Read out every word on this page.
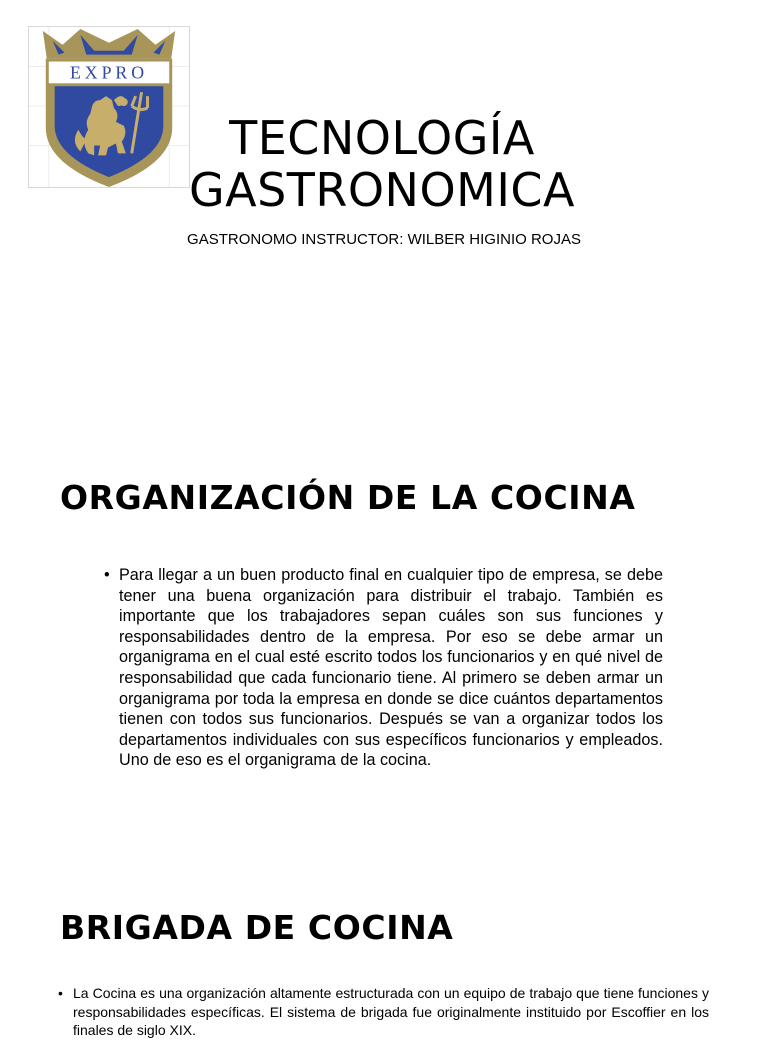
EXPRO
TECNOLOGÍA
GASTRONOMICA
GASTRONOMO INSTRUCTOR: WILBER HIGINIO ROJAS
ORGANIZACIÓN DE LA COCINA
• Para llegar a un buen producto final en cualquier tipo de empresa, se debe tener una buena organización para distribuir el trabajo. También es importante que los trabajadores sepan cuáles son sus funciones y responsabilidades dentro de la empresa. Por eso se debe armar un organigrama en el cual esté escrito todos los funcionarios y en qué nivel de responsabilidad que cada funcionario tiene. Al primero se deben armar un organigrama por toda la empresa en donde se dice cuántos departamentos tienen con todos sus funcionarios. Después se van a organizar todos los departamentos individuales con sus específicos funcionarios y empleados. Uno de eso es el organigrama de la cocina.
BRIGADA DE COCINA
• La Cocina es una organización altamente estructurada con un equipo de trabajo que tiene funciones y responsabilidades específicas. El sistema de brigada fue originalmente instituido por Escoffier en los finales de siglo XIX.
